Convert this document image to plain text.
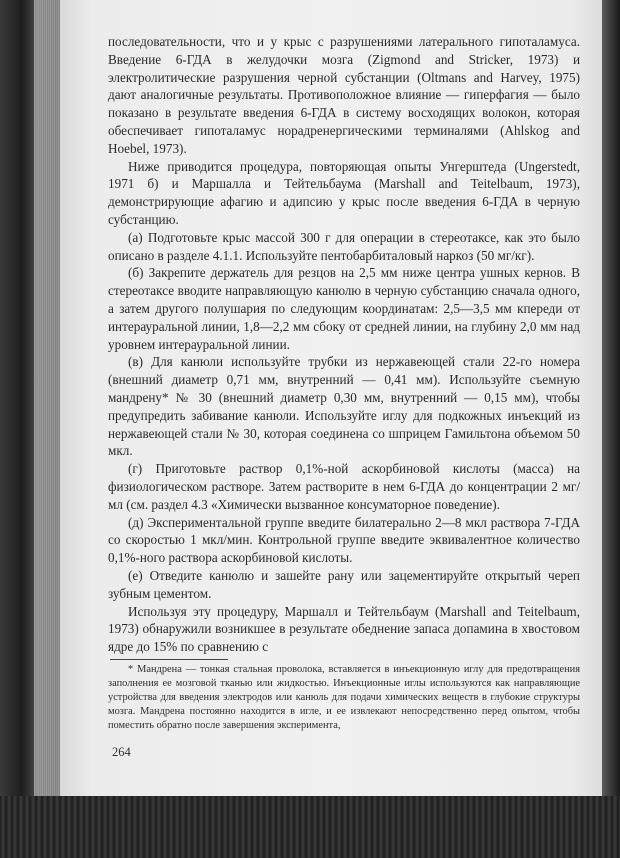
последовательности, что и у крыс с разрушениями латерального гипоталамуса. Введение 6-ГДА в желудочки мозга (Zigmond and Stricker, 1973) и электролитические разрушения черной субстанции (Oltmans and Harvey, 1975) дают аналогичные результаты. Противоположное влияние — гиперфагия — было показано в результате введения 6-ГДА в систему восходящих волокон, которая обеспечивает гипоталамус норадренергическими терминалями (Ahlskog and Hoebel, 1973).

Ниже приводится процедура, повторяющая опыты Унгерштеда (Ungerstedt, 1971 б) и Маршалла и Тейтельбаума (Marshall and Teitelbaum, 1973), демонстрирующие афагию и адипсию у крыс после введения 6-ГДА в черную субстанцию.

(а) Подготовьте крыс массой 300 г для операции в стереотаксе, как это было описано в разделе 4.1.1. Используйте пентобарбиталовый наркоз (50 мг/кг).

(б) Закрепите держатель для резцов на 2,5 мм ниже центра ушных кернов. В стереотаксе вводите направляющую канюлю в черную субстанцию сначала одного, а затем другого полушария по следующим координатам: 2,5—3,5 мм кпереди от интерауральной линии, 1,8—2,2 мм сбоку от средней линии, на глубину 2,0 мм над уровнем интерауральной линии.

(в) Для канюли используйте трубки из нержавеющей стали 22-го номера (внешний диаметр 0,71 мм, внутренний — 0,41 мм). Используйте съемную мандрену* № 30 (внешний диаметр 0,30 мм, внутренний — 0,15 мм), чтобы предупредить забивание канюли. Используйте иглу для подкожных инъекций из нержавеющей стали № 30, которая соединена со шприцем Гамильтона объемом 50 мкл.

(г) Приготовьте раствор 0,1%-ной аскорбиновой кислоты (масса) на физиологическом растворе. Затем растворите в нем 6-ГДА до концентрации 2 мг/мл (см. раздел 4.3 «Химически вызванное консуматорное поведение).

(д) Экспериментальной группе введите билатерально 2—8 мкл раствора 7-ГДА со скоростью 1 мкл/мин. Контрольной группе введите эквивалентное количество 0,1%-ного раствора аскорбиновой кислоты.

(е) Отведите канюлю и зашейте рану или зацементируйте открытый череп зубным цементом.

Используя эту процедуру, Маршалл и Тейтельбаум (Marshall and Teitelbaum, 1973) обнаружили возникшее в результате обеднение запаса допамина в хвостовом ядре до 15% по сравнению с

* Мандрена — тонкая стальная проволока, вставляется в инъекционную иглу для предотвращения заполнения ее мозговой тканью или жидкостью. Инъекционные иглы используются как направляющие устройства для введения электродов или канюль для подачи химических веществ в глубокие структуры мозга. Мандрена постоянно находится в игле, и ее извлекают непосредственно перед опытом, чтобы поместить обратно после завершения эксперимента,

264
